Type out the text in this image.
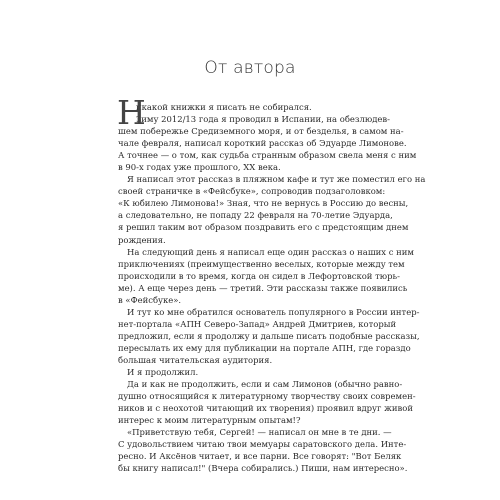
От автора
Н
икакой книжки я писать не собирался.
Зиму 2012/13 года я проводил в Испании, на обезлюдев-
шем побережье Средиземного моря, и от безделья, в самом на-
чале февраля, написал короткий рассказ об Эдуарде Лимонове.
А точнее — о том, как судьба странным образом свела меня с ним
в 90-х годах уже прошлого, XX века.
Я написал этот рассказ в пляжном кафе и тут же поместил его на
своей страничке в «Фейсбуке», сопроводив подзаголовком:
«К юбилею Лимонова!» Зная, что не вернусь в Россию до весны,
а следовательно, не попаду 22 февраля на 70-летие Эдуарда,
я решил таким вот образом поздравить его с предстоящим днем
рождения.
На следующий день я написал еще один рассказ о наших с ним
приключениях (преимущественно веселых, которые между тем
происходили в то время, когда он сидел в Лефортовской тюрь-
ме). А еще через день — третий. Эти рассказы также появились
в «Фейсбуке».
И тут ко мне обратился основатель популярного в России интер-
нет-портала «АПН Северо-Запад» Андрей Дмитриев, который
предложил, если я продолжу и дальше писать подобные рассказы,
пересылать их ему для публикации на портале АПН, где гораздо
большая читательская аудитория.
И я продолжил.
Да и как не продолжить, если и сам Лимонов (обычно равно-
душно относящийся к литературному творчеству своих современ-
ников и с неохотой читающий их творения) проявил вдруг живой
интерес к моим литературным опытам!?
«Приветствую тебя, Сергей! — написал он мне в те дни. —
С удовольствием читаю твои мемуары саратовского дела. Инте-
ресно. И Аксёнов читает, и все парни. Все говорят: "Вот Беляк
бы книгу написал!" (Вчера собирались.) Пиши, нам интересно».
